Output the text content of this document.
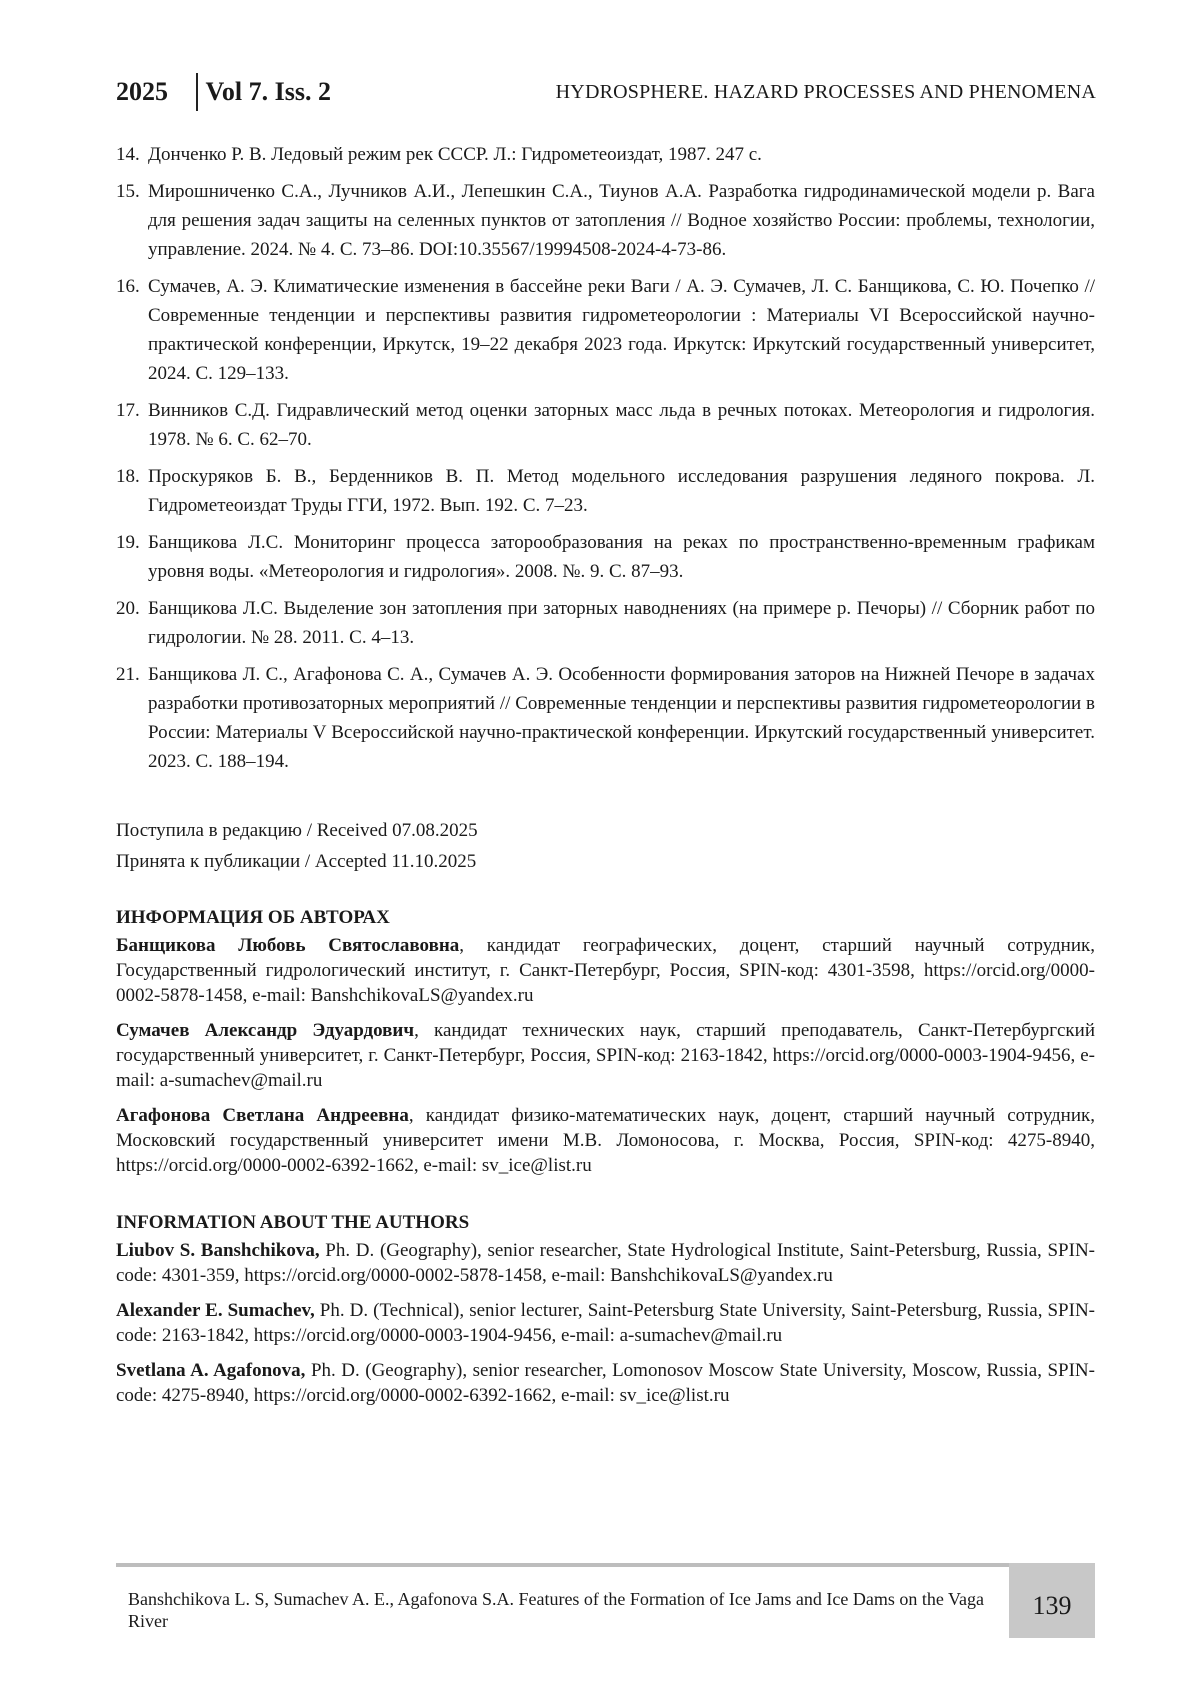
2025 Vol 7. Iss. 2	HYDROSPHERE. HAZARD PROCESSES AND PHENOMENA
14. Дончeнко Р. В. Ледовый режим рек СССР. Л.: Гидрометеоиздат, 1987. 247 с.
15. Мирошниченко С.А., Лучников А.И., Лепешкин С.А., Тиунов А.А. Разработка гидродинамической модели р. Вага для решения задач защиты на селенных пунктов от затопления // Водное хозяйство России: проблемы, технологии, управление. 2024. № 4. С. 73–86. DOI:10.35567/19994508-2024-4-73-86.
16. Сумачев, А. Э. Климатические изменения в бассейне реки Ваги / А. Э. Сумачев, Л. С. Банщикова, С. Ю. Почепко // Современные тенденции и перспективы развития гидрометеорологии : Материалы VI Всероссийской научно-практической конференции, Иркутск, 19–22 декабря 2023 года. Иркутск: Иркутский государственный университет, 2024. С. 129–133.
17. Винников С.Д. Гидравлический метод оценки заторных масс льда в речных потоках. Метеорология и гидрология. 1978. № 6. С. 62–70.
18. Проскуряков Б. В., Берденников В. П. Метод модельного исследования разрушения ледяного покрова. Л. Гидрометеоиздат Труды ГГИ, 1972. Вып. 192. С. 7–23.
19. Банщикова Л.С. Мониторинг процесса заторообразования на реках по пространственно-временным графикам уровня воды. «Метеорология и гидрология». 2008. №. 9. С. 87–93.
20. Банщикова Л.С. Выделение зон затопления при заторных наводнениях (на примере р. Печоры) // Сборник работ по гидрологии. № 28. 2011. С. 4–13.
21. Банщикова Л. С., Агафонова С. А., Сумачев А. Э. Особенности формирования заторов на Нижней Печоре в задачах разработки противозаторных мероприятий // Современные тенденции и перспективы развития гидрометеорологии в России: Материалы V Всероссийской научно-практической конференции. Иркутский государственный университет. 2023. С. 188–194.
Поступила в редакцию / Received 07.08.2025
Принята к публикации / Accepted 11.10.2025
ИНФОРМАЦИЯ ОБ АВТОРАХ
Банщикова Любовь Святославовна, кандидат географических, доцент, старший научный сотрудник, Государственный гидрологический институт, г. Санкт-Петербург, Россия, SPIN-код: 4301-3598, https://orcid.org/0000-0002-5878-1458, e-mail: BanshchikovaLS@yandex.ru
Сумачев Александр Эдуардович, кандидат технических наук, старший преподаватель, Санкт-Петербургский государственный университет, г. Санкт-Петербург, Россия, SPIN-код: 2163-1842, https://orcid.org/0000-0003-1904-9456, e-mail: a-sumachev@mail.ru
Агафонова Светлана Андреевна, кандидат физико-математических наук, доцент, старший научный сотрудник, Московский государственный университет имени М.В. Ломоносова, г. Москва, Россия, SPIN-код: 4275-8940, https://orcid.org/0000-0002-6392-1662, e-mail: sv_ice@list.ru
INFORMATION ABOUT THE AUTHORS
Liubov S. Banshchikova, Ph. D. (Geography), senior researcher, State Hydrological Institute, Saint-Petersburg, Russia, SPIN-code: 4301-359, https://orcid.org/0000-0002-5878-1458, e-mail: BanshchikovaLS@yandex.ru
Alexander E. Sumachev, Ph. D. (Technical), senior lecturer, Saint-Petersburg State University, Saint-Petersburg, Russia, SPIN-code: 2163-1842, https://orcid.org/0000-0003-1904-9456, e-mail: a-sumachev@mail.ru
Svetlana A. Agafonova, Ph. D. (Geography), senior researcher, Lomonosov Moscow State University, Moscow, Russia, SPIN-code: 4275-8940, https://orcid.org/0000-0002-6392-1662, e-mail: sv_ice@list.ru
Banshchikova L. S, Sumachev A. E., Agafonova S.A. Features of the Formation of Ice Jams and Ice Dams on the Vaga River
139
